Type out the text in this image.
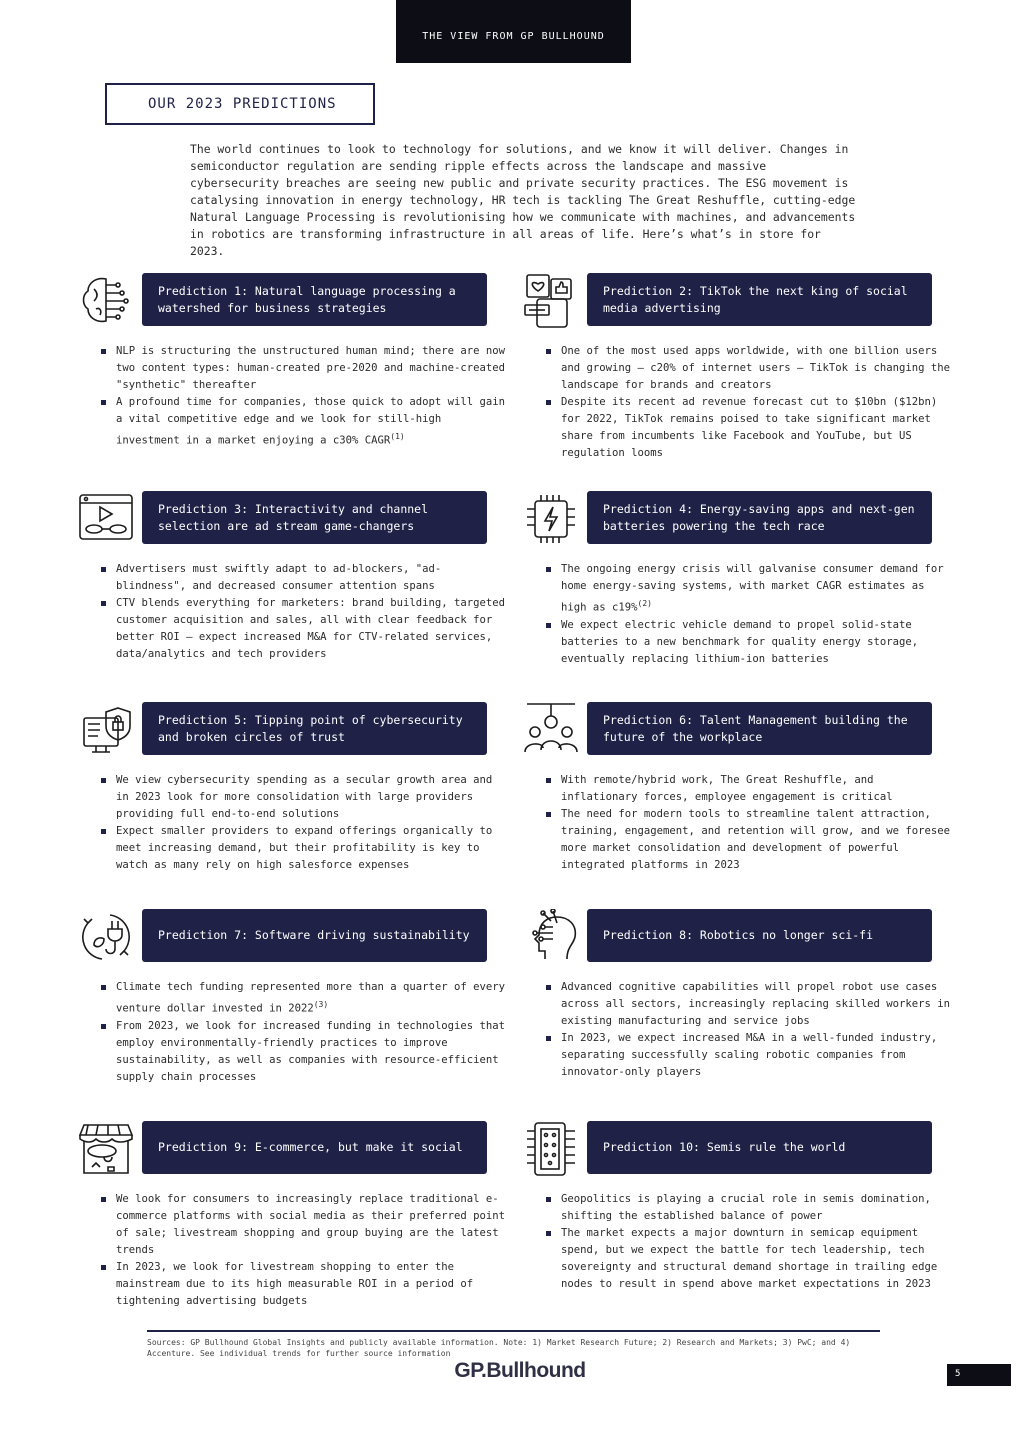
THE VIEW FROM GP BULLHOUND
OUR 2023 PREDICTIONS
The world continues to look to technology for solutions, and we know it will deliver. Changes in semiconductor regulation are sending ripple effects across the landscape and massive cybersecurity breaches are seeing new public and private security practices. The ESG movement is catalysing innovation in energy technology, HR tech is tackling The Great Reshuffle, cutting-edge Natural Language Processing is revolutionising how we communicate with machines, and advancements in robotics are transforming infrastructure in all areas of life. Here’s what’s in store for 2023.
Prediction 1: Natural language processing a watershed for business strategies
NLP is structuring the unstructured human mind; there are now two content types: human-created pre-2020 and machine-created "synthetic" thereafter
A profound time for companies, those quick to adopt will gain a vital competitive edge and we look for still-high investment in a market enjoying a c30% CAGR$^{(1)}$
Prediction 2: TikTok the next king of social media advertising
One of the most used apps worldwide, with one billion users and growing – c20% of internet users – TikTok is changing the landscape for brands and creators
Despite its recent ad revenue forecast cut to $10bn ($12bn) for 2022, TikTok remains poised to take significant market share from incumbents like Facebook and YouTube, but US regulation looms
Prediction 3: Interactivity and channel selection are ad stream game-changers
Advertisers must swiftly adapt to ad-blockers, "ad-blindness", and decreased consumer attention spans
CTV blends everything for marketers: brand building, targeted customer acquisition and sales, all with clear feedback for better ROI – expect increased M&A for CTV-related services, data/analytics and tech providers
Prediction 4: Energy-saving apps and next-gen batteries powering the tech race
The ongoing energy crisis will galvanise consumer demand for home energy-saving systems, with market CAGR estimates as high as c19%$^{(2)}$
We expect electric vehicle demand to propel solid-state batteries to a new benchmark for quality energy storage, eventually replacing lithium-ion batteries
Prediction 5: Tipping point of cybersecurity and broken circles of trust
We view cybersecurity spending as a secular growth area and in 2023 look for more consolidation with large providers providing full end-to-end solutions
Expect smaller providers to expand offerings organically to meet increasing demand, but their profitability is key to watch as many rely on high salesforce expenses
Prediction 6: Talent Management building the future of the workplace
With remote/hybrid work, The Great Reshuffle, and inflationary forces, employee engagement is critical
The need for modern tools to streamline talent attraction, training, engagement, and retention will grow, and we foresee more market consolidation and development of powerful integrated platforms in 2023
Prediction 7: Software driving sustainability
Climate tech funding represented more than a quarter of every venture dollar invested in 2022$^{(3)}$
From 2023, we look for increased funding in technologies that employ environmentally-friendly practices to improve sustainability, as well as companies with resource-efficient supply chain processes
Prediction 8: Robotics no longer sci-fi
Advanced cognitive capabilities will propel robot use cases across all sectors, increasingly replacing skilled workers in existing manufacturing and service jobs
In 2023, we expect increased M&A in a well-funded industry, separating successfully scaling robotic companies from innovator-only players
Prediction 9: E-commerce, but make it social
We look for consumers to increasingly replace traditional e-commerce platforms with social media as their preferred point of sale; livestream shopping and group buying are the latest trends
In 2023, we look for livestream shopping to enter the mainstream due to its high measurable ROI in a period of tightening advertising budgets
Prediction 10: Semis rule the world
Geopolitics is playing a crucial role in semis domination, shifting the established balance of power
The market expects a major downturn in semicap equipment spend, but we expect the battle for tech leadership, tech sovereignty and structural demand shortage in trailing edge nodes to result in spend above market expectations in 2023
Sources: GP Bullhound Global Insights and publicly available information. Note: 1) Market Research Future; 2) Research and Markets; 3) PwC; and 4) Accenture. See individual trends for further source information
GP.Bullhound	5
